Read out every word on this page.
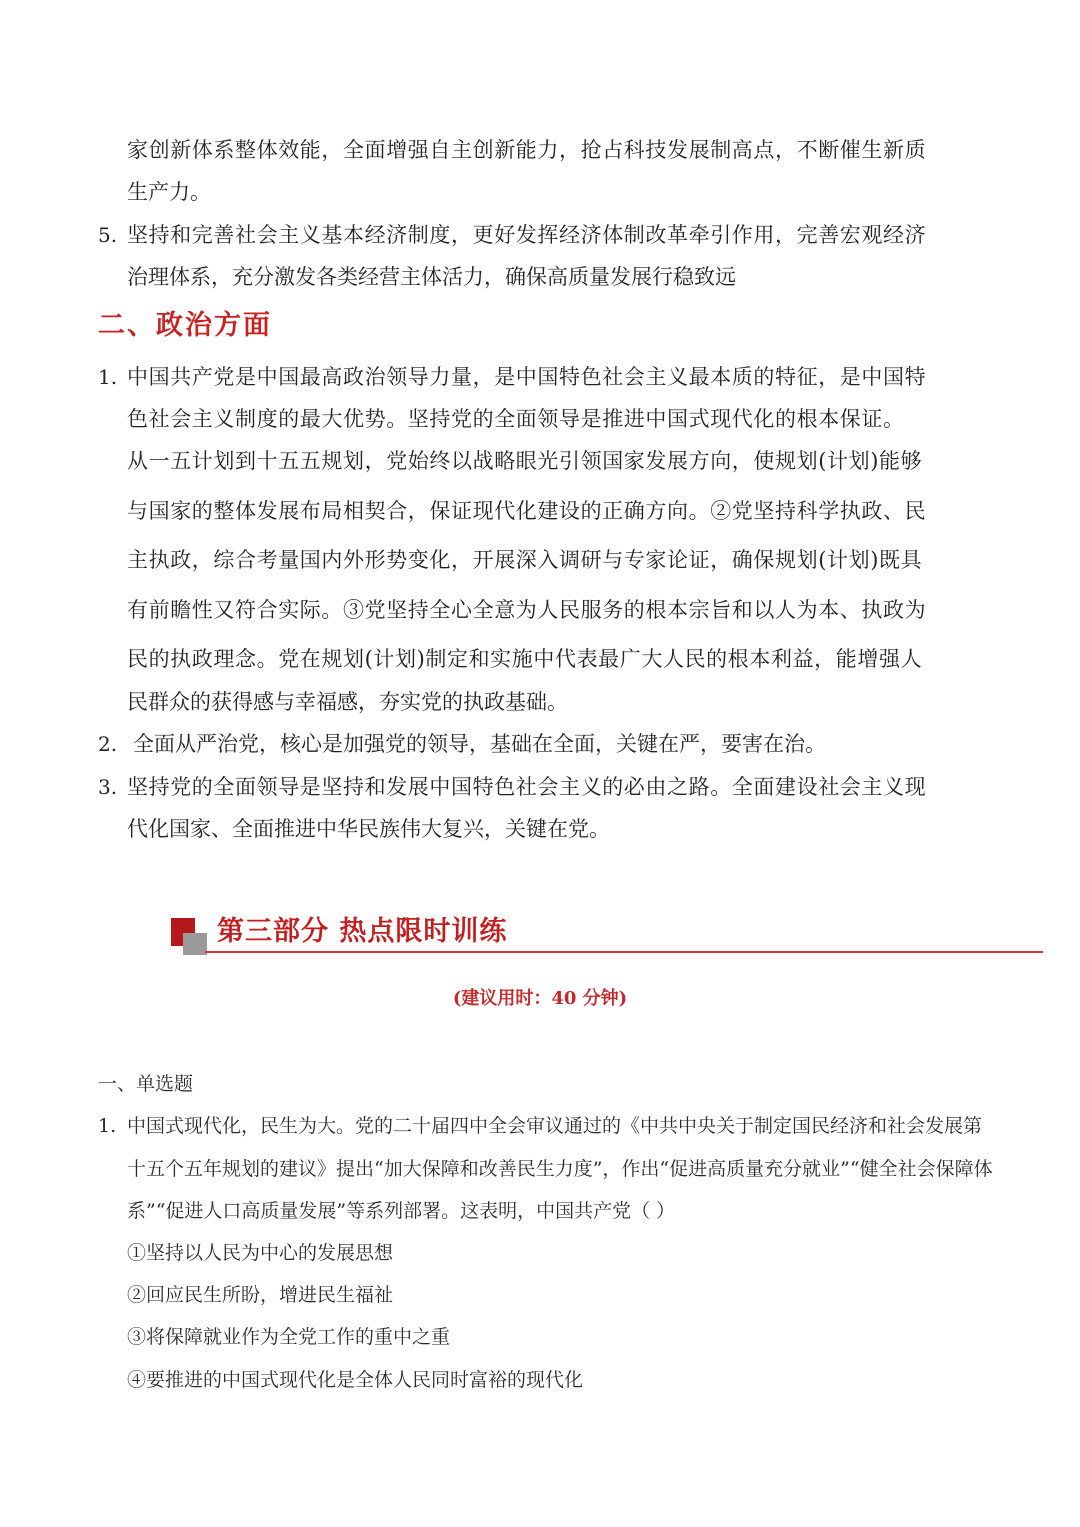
家创新体系整体效能，全面增强自主创新能力，抢占科技发展制高点，不断催生新质
生产力。
5. 坚持和完善社会主义基本经济制度，更好发挥经济体制改革牵引作用，完善宏观经济
治理体系，充分激发各类经营主体活力，确保高质量发展行稳致远
二、政治方面
1. 中国共产党是中国最高政治领导力量，是中国特色社会主义最本质的特征，是中国特
色社会主义制度的最大优势。坚持党的全面领导是推进中国式现代化的根本保证。
从一五计划到十五五规划，党始终以战略眼光引领国家发展方向，使规划(计划)能够
与国家的整体发展布局相契合，保证现代化建设的正确方向。②党坚持科学执政、民
主执政，综合考量国内外形势变化，开展深入调研与专家论证，确保规划(计划)既具
有前瞻性又符合实际。③党坚持全心全意为人民服务的根本宗旨和以人为本、执政为
民的执政理念。党在规划(计划)制定和实施中代表最广大人民的根本利益，能增强人
民群众的获得感与幸福感，夯实党的执政基础。
2. 全面从严治党，核心是加强党的领导，基础在全面，关键在严，要害在治。
3. 坚持党的全面领导是坚持和发展中国特色社会主义的必由之路。全面建设社会主义现
代化国家、全面推进中华民族伟大复兴，关键在党。
第三部分 热点限时训练
(建议用时：40 分钟)
一、单选题
1. 中国式现代化，民生为大。党的二十届四中全会审议通过的《中共中央关于制定国民经济和社会发展第
十五个五年规划的建议》提出“加大保障和改善民生力度”，作出“促进高质量充分就业”“健全社会保障体
系”“促进人口高质量发展”等系列部署。这表明，中国共产党（ ）
①坚持以人民为中心的发展思想
②回应民生所盼，增进民生福祉
③将保障就业作为全党工作的重中之重
④要推进的中国式现代化是全体人民同时富裕的现代化
